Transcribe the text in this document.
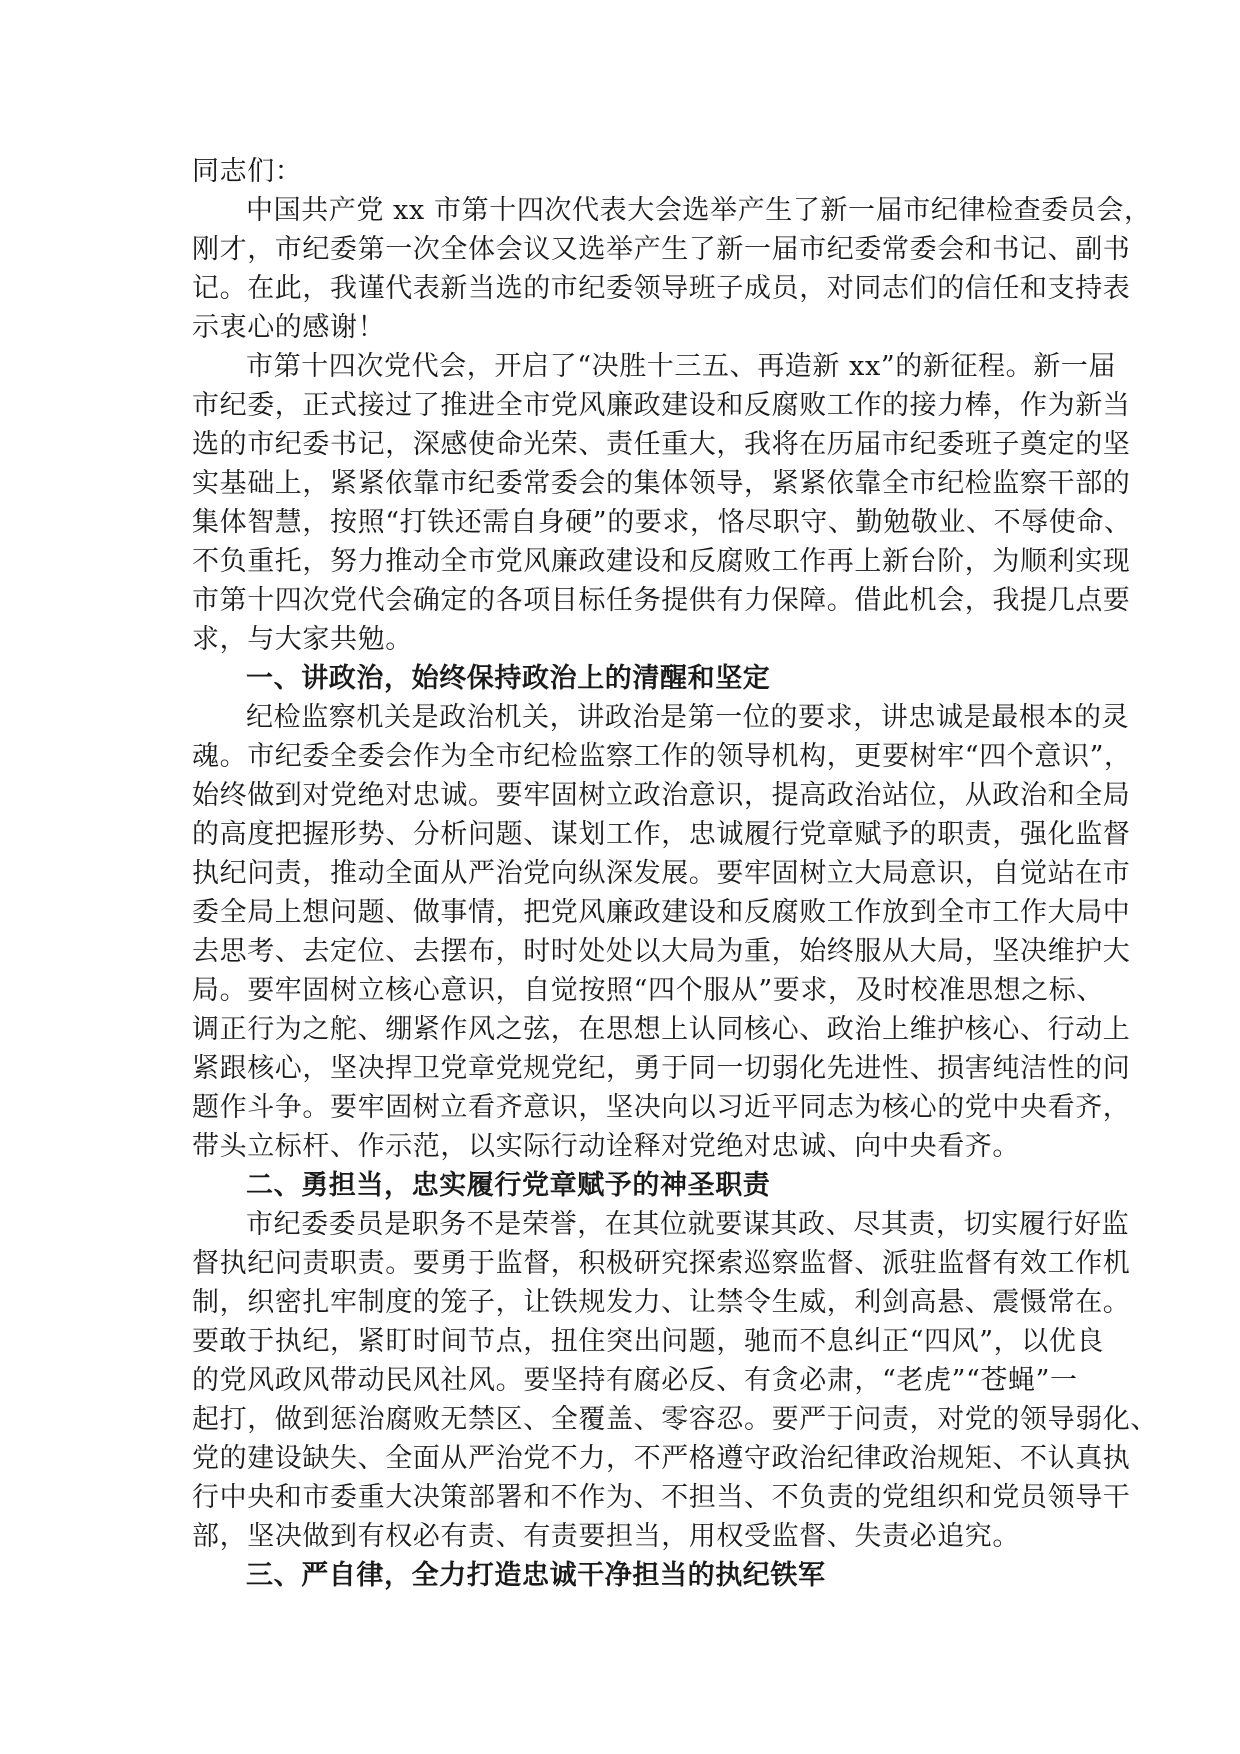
同志们：
中国共产党 xx 市第十四次代表大会选举产生了新一届市纪律检查委员会，
刚才，市纪委第一次全体会议又选举产生了新一届市纪委常委会和书记、副书
记。在此，我谨代表新当选的市纪委领导班子成员，对同志们的信任和支持表
示衷心的感谢！
市第十四次党代会，开启了“决胜十三五、再造新 xx”的新征程。新一届
市纪委，正式接过了推进全市党风廉政建设和反腐败工作的接力棒，作为新当
选的市纪委书记，深感使命光荣、责任重大，我将在历届市纪委班子奠定的坚
实基础上，紧紧依靠市纪委常委会的集体领导，紧紧依靠全市纪检监察干部的
集体智慧，按照“打铁还需自身硬”的要求，恪尽职守、勤勉敬业、不辱使命、
不负重托，努力推动全市党风廉政建设和反腐败工作再上新台阶，为顺利实现
市第十四次党代会确定的各项目标任务提供有力保障。借此机会，我提几点要
求，与大家共勉。
一、讲政治，始终保持政治上的清醒和坚定
纪检监察机关是政治机关，讲政治是第一位的要求，讲忠诚是最根本的灵
魂。市纪委全委会作为全市纪检监察工作的领导机构，更要树牢“四个意识”，
始终做到对党绝对忠诚。要牢固树立政治意识，提高政治站位，从政治和全局
的高度把握形势、分析问题、谋划工作，忠诚履行党章赋予的职责，强化监督
执纪问责，推动全面从严治党向纵深发展。要牢固树立大局意识，自觉站在市
委全局上想问题、做事情，把党风廉政建设和反腐败工作放到全市工作大局中
去思考、去定位、去摆布，时时处处以大局为重，始终服从大局，坚决维护大
局。要牢固树立核心意识，自觉按照“四个服从”要求，及时校准思想之标、
调正行为之舵、绷紧作风之弦，在思想上认同核心、政治上维护核心、行动上
紧跟核心，坚决捍卫党章党规党纪，勇于同一切弱化先进性、损害纯洁性的问
题作斗争。要牢固树立看齐意识，坚决向以习近平同志为核心的党中央看齐，
带头立标杆、作示范，以实际行动诠释对党绝对忠诚、向中央看齐。
二、勇担当，忠实履行党章赋予的神圣职责
市纪委委员是职务不是荣誉，在其位就要谋其政、尽其责，切实履行好监
督执纪问责职责。要勇于监督，积极研究探索巡察监督、派驻监督有效工作机
制，织密扎牢制度的笼子，让铁规发力、让禁令生威，利剑高悬、震慑常在。
要敢于执纪，紧盯时间节点，扭住突出问题，驰而不息纠正“四风”，以优良
的党风政风带动民风社风。要坚持有腐必反、有贪必肃，“老虎”“苍蝇”一
起打，做到惩治腐败无禁区、全覆盖、零容忍。要严于问责，对党的领导弱化、
党的建设缺失、全面从严治党不力，不严格遵守政治纪律政治规矩、不认真执
行中央和市委重大决策部署和不作为、不担当、不负责的党组织和党员领导干
部，坚决做到有权必有责、有责要担当，用权受监督、失责必追究。
三、严自律，全力打造忠诚干净担当的执纪铁军
